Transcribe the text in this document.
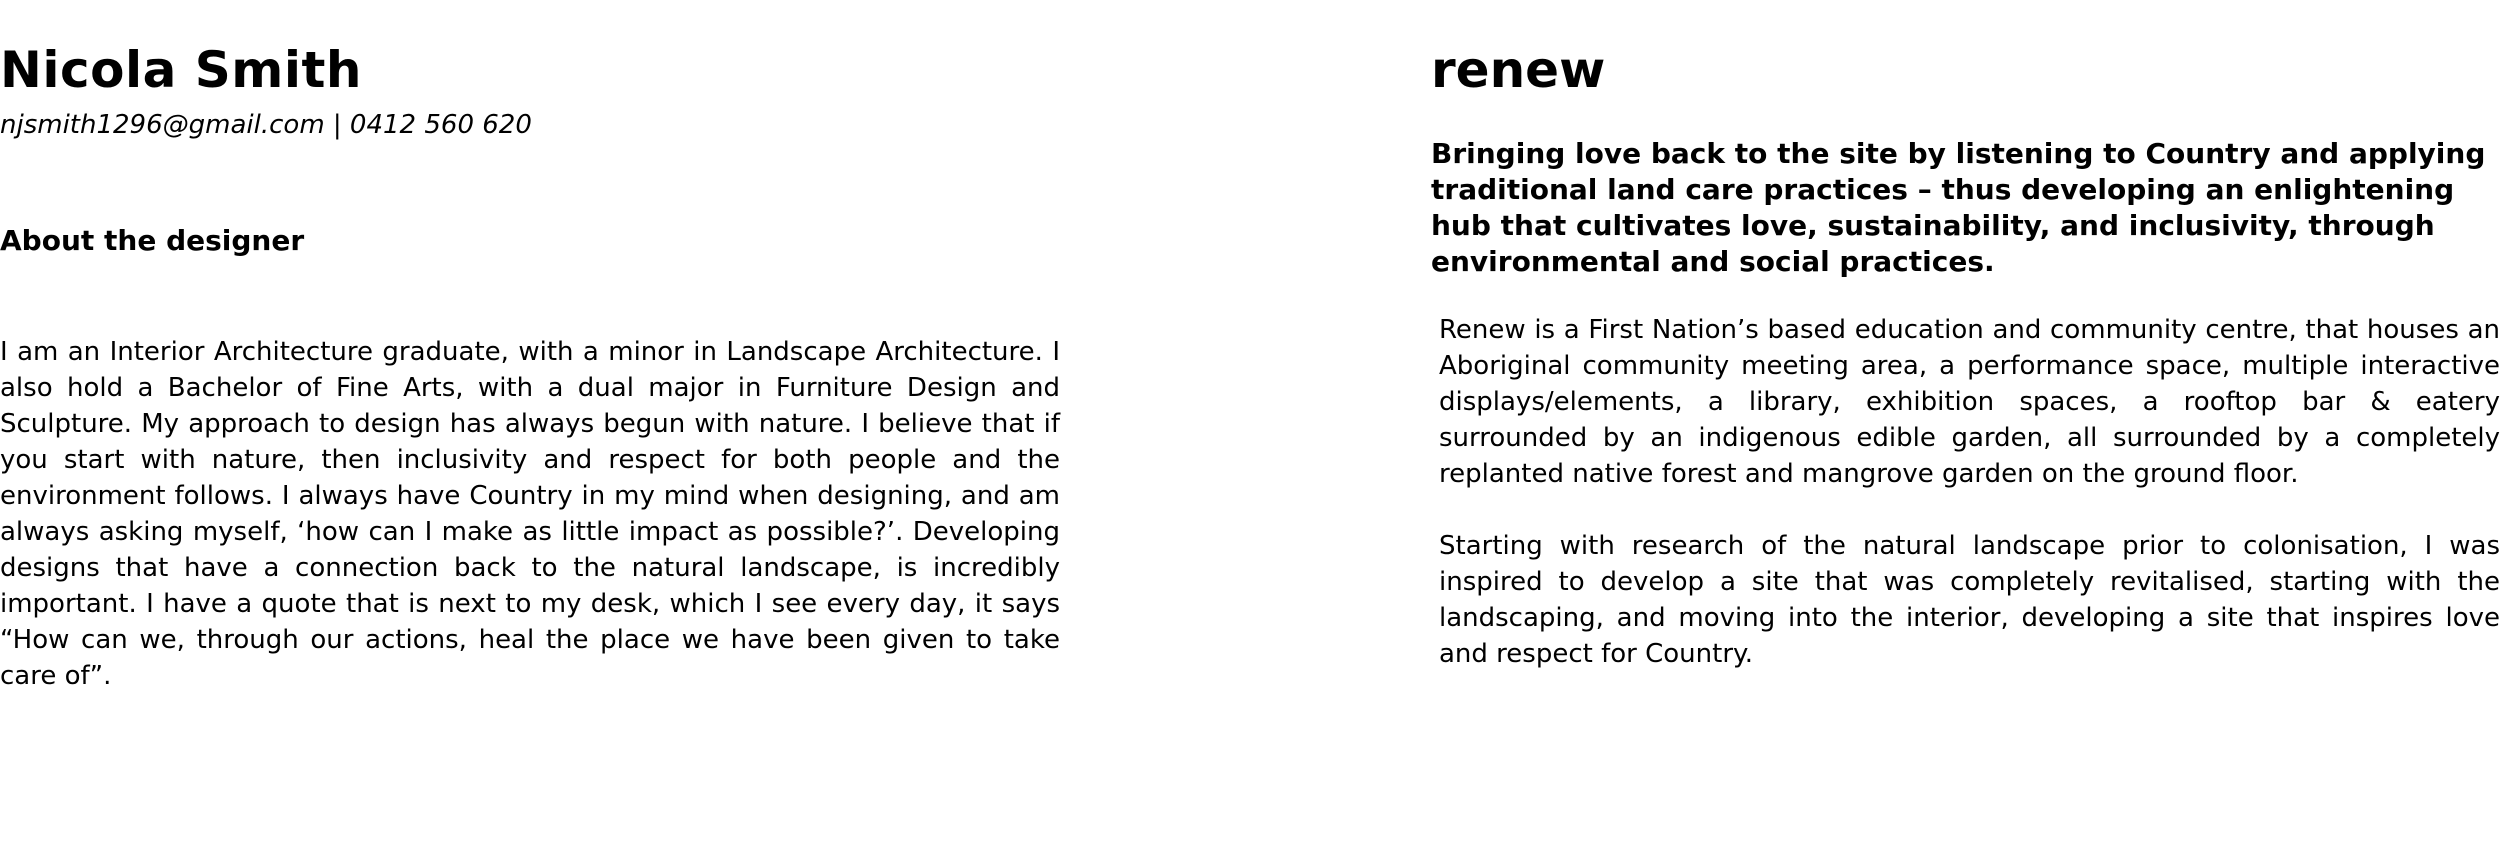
Nicola Smith

njsmith1296@gmail.com | 0412 560 620

About the designer

I am an Interior Architecture graduate, with a minor in Landscape Architecture. I also hold a Bachelor of Fine Arts, with a dual major in Furniture Design and Sculpture. My approach to design has always begun with nature. I believe that if you start with nature, then inclusivity and respect for both people and the environment follows. I always have Country in my mind when designing, and am always asking myself, ‘how can I make as little impact as possible?’. Developing designs that have a connection back to the natural landscape, is incredibly important. I have a quote that is next to my desk, which I see every day, it says “How can we, through our actions, heal the place we have been given to take care of”.

renew

Bringing love back to the site by listening to Country and applying traditional land care practices – thus developing an enlightening hub that cultivates love, sustainability, and inclusivity, through environmental and social practices.

Renew is a First Nation’s based education and community centre, that houses an Aboriginal community meeting area, a performance space, multiple interactive displays/elements, a library, exhibition spaces, a rooftop bar & eatery surrounded by an indigenous edible garden, all surrounded by a completely replanted native forest and mangrove garden on the ground floor.

Starting with research of the natural landscape prior to colonisation, I was inspired to develop a site that was completely revitalised, starting with the landscaping, and moving into the interior, developing a site that inspires love and respect for Country.
